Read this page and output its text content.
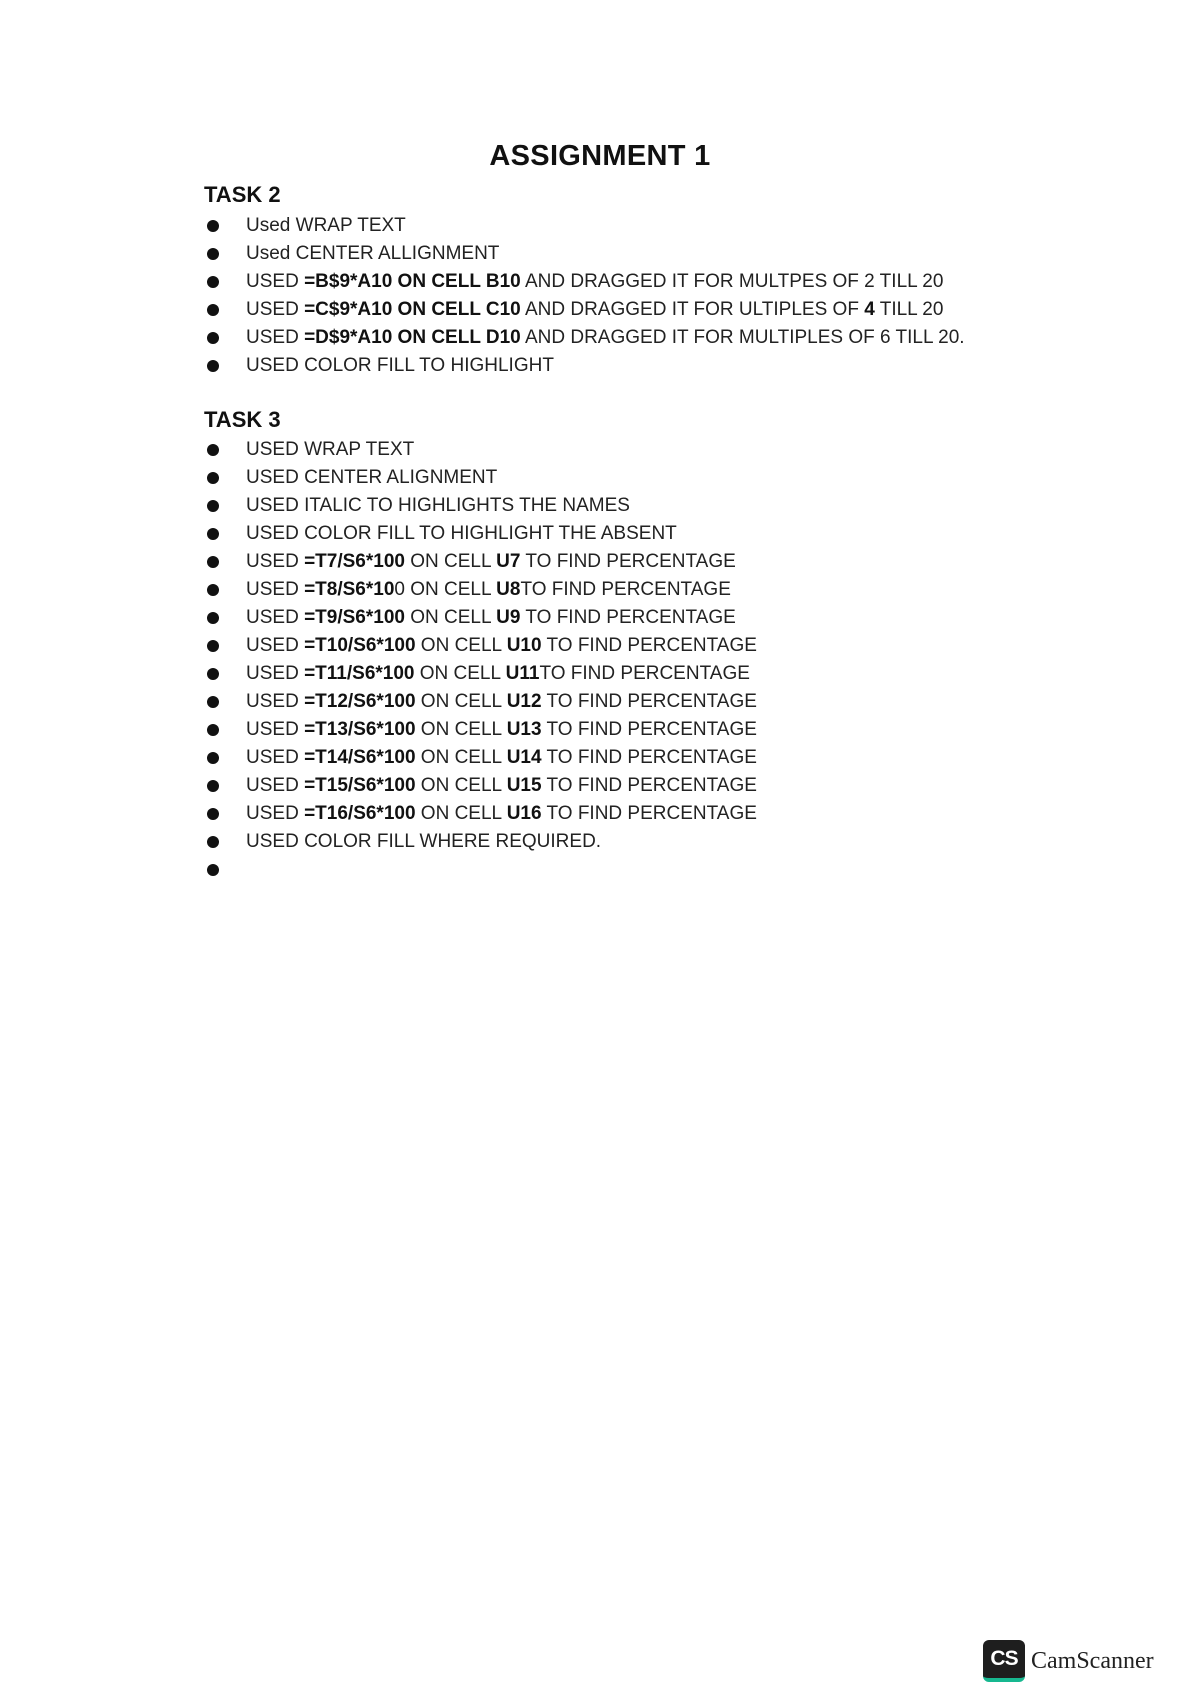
ASSIGNMENT 1
TASK 2
Used WRAP TEXT
Used CENTER ALLIGNMENT
USED =B$9*A10 ON CELL B10 AND DRAGGED IT FOR MULTPES OF 2 TILL 20
USED =C$9*A10 ON CELL C10 AND DRAGGED IT FOR ULTIPLES OF 4 TILL 20
USED =D$9*A10 ON CELL D10 AND DRAGGED IT FOR MULTIPLES OF 6 TILL 20.
USED COLOR FILL TO HIGHLIGHT
TASK 3
USED WRAP TEXT
USED CENTER ALIGNMENT
USED ITALIC TO HIGHLIGHTS THE NAMES
USED COLOR FILL TO HIGHLIGHT THE ABSENT
USED =T7/S6*100 ON CELL U7 TO FIND PERCENTAGE
USED =T8/S6*100 ON CELL U8TO FIND PERCENTAGE
USED =T9/S6*100 ON CELL U9 TO FIND PERCENTAGE
USED =T10/S6*100 ON CELL U10 TO FIND PERCENTAGE
USED =T11/S6*100 ON CELL U11TO FIND PERCENTAGE
USED =T12/S6*100 ON CELL U12 TO FIND PERCENTAGE
USED =T13/S6*100 ON CELL U13 TO FIND PERCENTAGE
USED =T14/S6*100 ON CELL U14 TO FIND PERCENTAGE
USED =T15/S6*100 ON CELL U15 TO FIND PERCENTAGE
USED =T16/S6*100 ON CELL U16 TO FIND PERCENTAGE
USED COLOR FILL WHERE REQUIRED.
CS CamScanner
